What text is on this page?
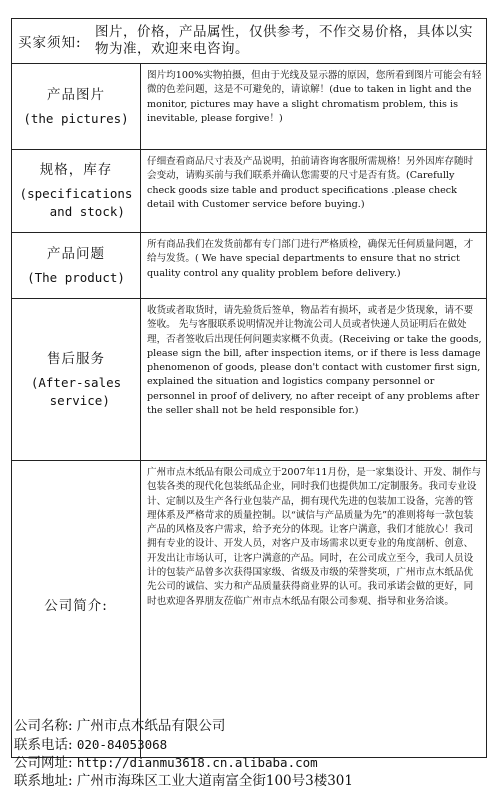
买家须知:
图片，价格，产品属性，仅供参考，不作交易价格，具体以实物为准，欢迎来电咨询。
产品图片
(the pictures)
图片均100%实物拍摄，但由于光线及显示器的原因，您所看到图片可能会有轻微的色差问题，这是不可避免的，请谅解！(due to taken in light and the monitor, pictures may have a slight chromatism problem, this is inevitable, please forgive！)
规格，库存
(specifications
and stock)
仔细查看商品尺寸表及产品说明，拍前请咨询客服所需规格！另外因库存随时会变动，请购买前与我们联系并确认您需要的尺寸是否有货。(Carefully check goods size table and product specifications .please check detail with Customer service before buying.)
产品问题
(The product)
所有商品我们在发货前都有专门部门进行严格质检，确保无任何质量问题，才给与发货。( We have special departments to ensure that no strict quality control any quality problem before delivery.)
售后服务
(After-sales
service)
收货或者取货时，请先验货后签单，物品若有损坏，或者是少货现象，请不要签收。 先与客服联系说明情况并让物流公司人员或者快递人员证明后在做处理，否者签收后出现任何问题卖家概不负责。(Receiving or take the goods, please sign the bill, after inspection items, or if there is less damage phenomenon of goods, please don't contact with customer first sign, explained the situation and logistics company personnel or personnel in proof of delivery, no after receipt of any problems after the seller shall not be held responsible for.)
公司简介:
广州市点木纸品有限公司成立于2007年11月份，是一家集设计、开发、制作与包装各类的现代化包装纸品企业，同时我们也提供加工/定制服务。我司专业设计、定制以及生产各行业包装产品，拥有现代先进的包装加工设备，完善的管理体系及严格苛求的质量控制。以“诚信与产品质量为先”的准则将每一款包装产品的风格及客户需求，给予充分的体现。让客户满意，我们才能放心！我司拥有专业的设计、开发人员，对客户及市场需求以更专业的角度剖析、创意、开发出让市场认可，让客户满意的产品。同时，在公司成立至今，我司人员设计的包装产品曾多次获得国家级、省级及市级的荣誉奖项，广州市点木纸品优先公司的诚信、实力和产品质量获得商业界的认可。我司承诺会做的更好，同时也欢迎各界朋友莅临广州市点木纸品有限公司参观、指导和业务洽谈。
公司名称: 广州市点木纸品有限公司
联系电话: 020-84053068
公司网址: http://dianmu3618.cn.alibaba.com
联系地址: 广州市海珠区工业大道南富全街100号3楼301
